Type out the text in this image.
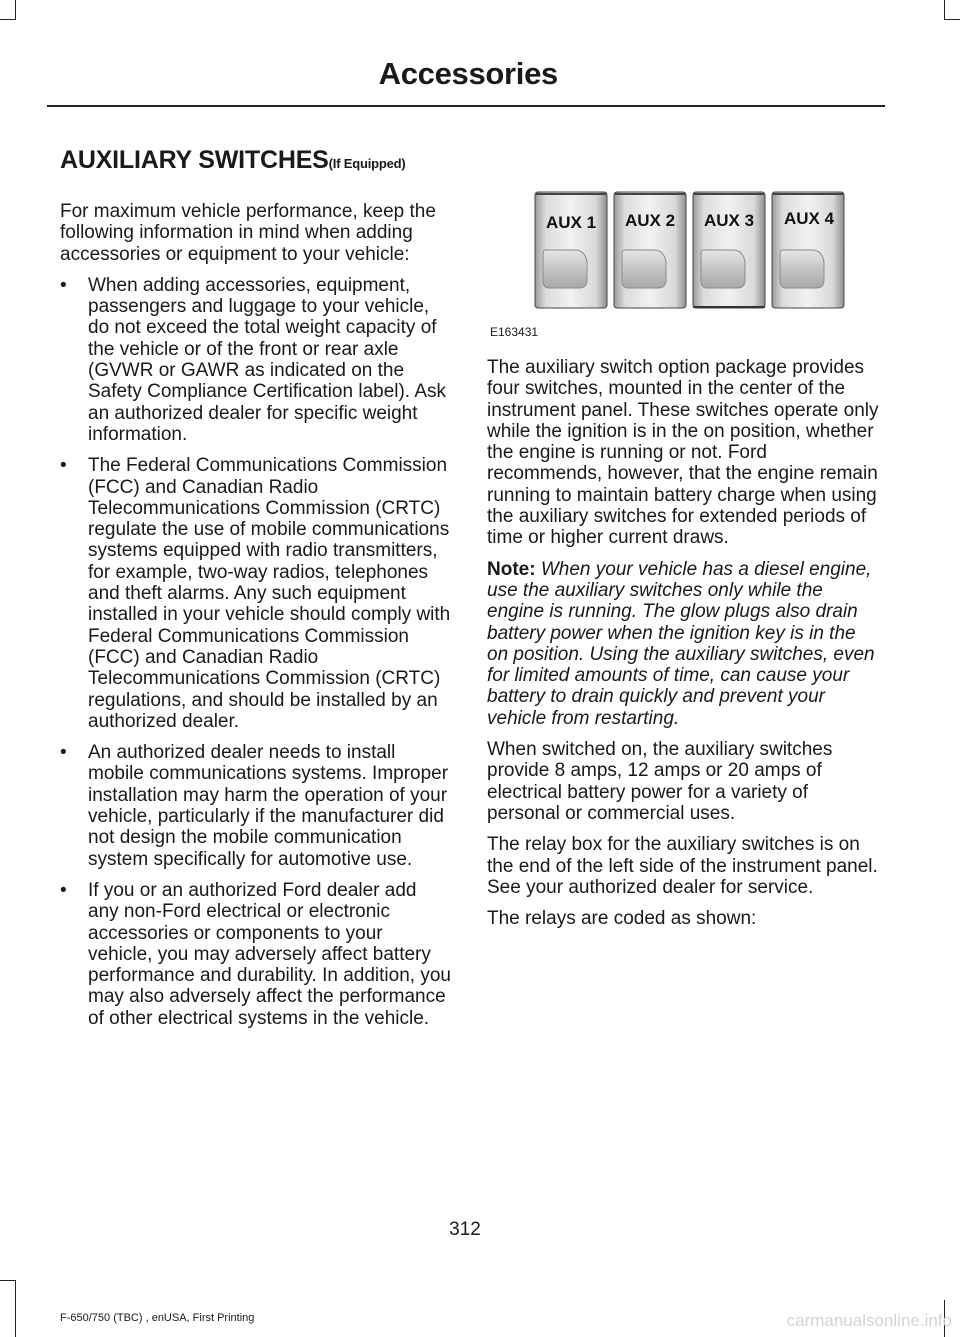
Accessories
AUXILIARY SWITCHES(If Equipped)

For maximum vehicle performance, keep the following information in mind when adding accessories or equipment to your vehicle:

• When adding accessories, equipment, passengers and luggage to your vehicle, do not exceed the total weight capacity of the vehicle or of the front or rear axle (GVWR or GAWR as indicated on the Safety Compliance Certification label). Ask an authorized dealer for specific weight information.
• The Federal Communications Commission (FCC) and Canadian Radio Telecommunications Commission (CRTC) regulate the use of mobile communications systems equipped with radio transmitters, for example, two-way radios, telephones and theft alarms. Any such equipment installed in your vehicle should comply with Federal Communications Commission (FCC) and Canadian Radio Telecommunications Commission (CRTC) regulations, and should be installed by an authorized dealer.
• An authorized dealer needs to install mobile communications systems. Improper installation may harm the operation of your vehicle, particularly if the manufacturer did not design the mobile communication system specifically for automotive use.
• If you or an authorized Ford dealer add any non-Ford electrical or electronic accessories or components to your vehicle, you may adversely affect battery performance and durability. In addition, you may also adversely affect the performance of other electrical systems in the vehicle.
AUX 1 AUX 2 AUX 3 AUX 4
E163431

The auxiliary switch option package provides four switches, mounted in the center of the instrument panel. These switches operate only while the ignition is in the on position, whether the engine is running or not. Ford recommends, however, that the engine remain running to maintain battery charge when using the auxiliary switches for extended periods of time or higher current draws.

Note: When your vehicle has a diesel engine, use the auxiliary switches only while the engine is running. The glow plugs also drain battery power when the ignition key is in the on position. Using the auxiliary switches, even for limited amounts of time, can cause your battery to drain quickly and prevent your vehicle from restarting.

When switched on, the auxiliary switches provide 8 amps, 12 amps or 20 amps of electrical battery power for a variety of personal or commercial uses.

The relay box for the auxiliary switches is on the end of the left side of the instrument panel. See your authorized dealer for service.

The relays are coded as shown:

312

F-650/750 (TBC) , enUSA, First Printing	carmanualsonline.info
